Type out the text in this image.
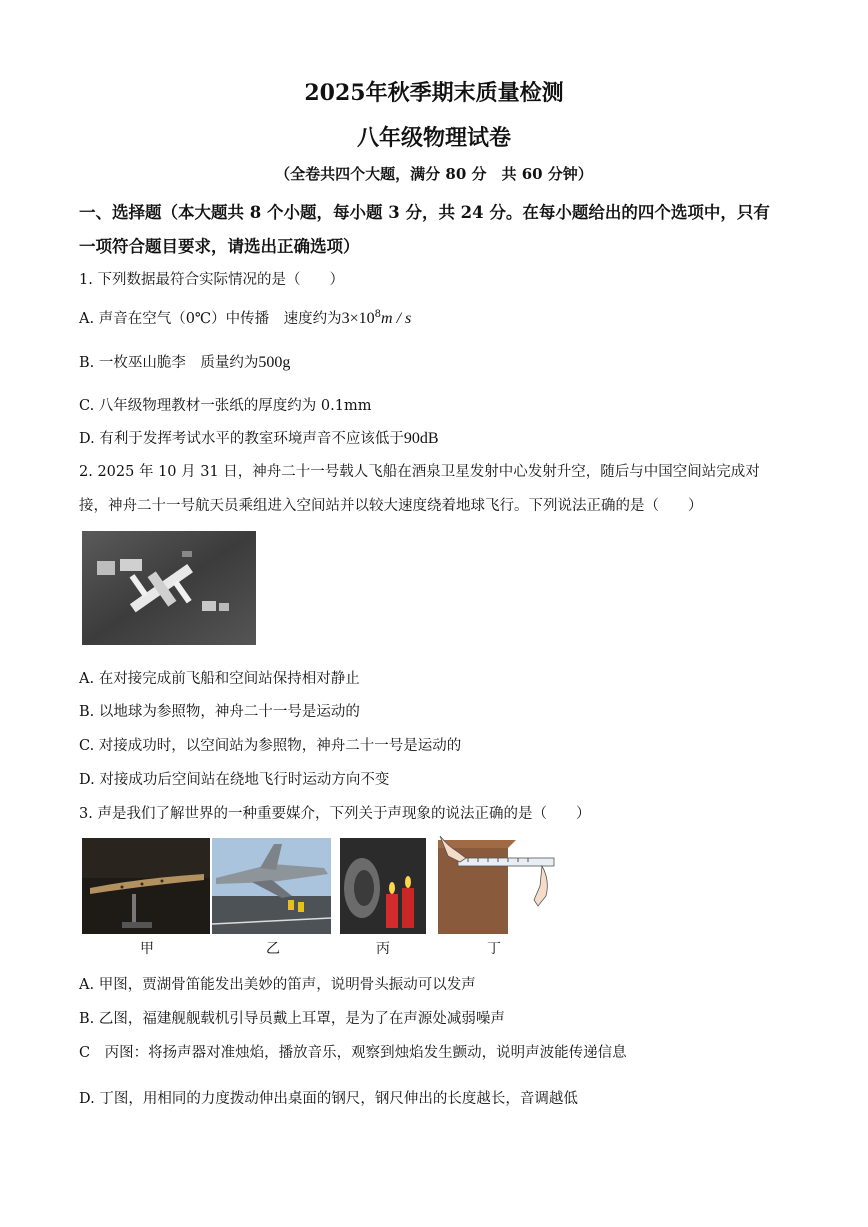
2025年秋季期末质量检测
八年级物理试卷
（全卷共四个大题，满分 80 分　共 60 分钟）
一、选择题（本大题共 8 个小题，每小题 3 分，共 24 分。在每小题给出的四个选项中，只有
一项符合题目要求，请选出正确选项）
1. 下列数据最符合实际情况的是（　　）
A. 声音在空气（0℃）中传播　速度约为$3\times 10^8m / s$
B. 一枚巫山脆李　质量约为500g
C. 八年级物理教材一张纸的厚度约为 0.1mm
D. 有利于发挥考试水平的教室环境声音不应该低于90dB
2. 2025 年 10 月 31 日，神舟二十一号载人飞船在酒泉卫星发射中心发射升空，随后与中国空间站完成对
接，神舟二十一号航天员乘组进入空间站并以较大速度绕着地球飞行。下列说法正确的是（　　）
A. 在对接完成前飞船和空间站保持相对静止
B. 以地球为参照物，神舟二十一号是运动的
C. 对接成功时，以空间站为参照物，神舟二十一号是运动的
D. 对接成功后空间站在绕地飞行时运动方向不变
3. 声是我们了解世界的一种重要媒介，下列关于声现象的说法正确的是（　　）
甲	乙	丙	丁
A. 甲图，贾湖骨笛能发出美妙的笛声，说明骨头振动可以发声
B. 乙图，福建舰舰载机引导员戴上耳罩，是为了在声源处减弱噪声
C　丙图：将扬声器对准烛焰，播放音乐，观察到烛焰发生颤动，说明声波能传递信息
D. 丁图，用相同的力度拨动伸出桌面的钢尺，钢尺伸出的长度越长，音调越低
